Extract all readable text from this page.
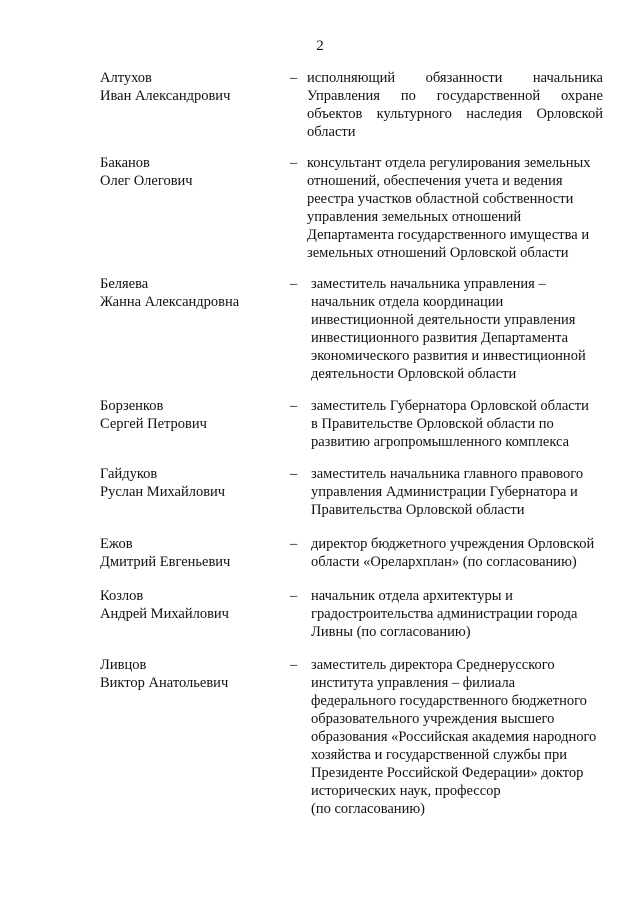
2
Алтухов
Иван Александрович
– исполняющий обязанности начальника
Управления по государственной охране
объектов культурного наследия Орловской
области
Баканов
Олег Олегович
– консультант отдела регулирования земельных
отношений, обеспечения учета и ведения
реестра участков областной собственности
управления земельных отношений
Департамента государственного имущества и
земельных отношений Орловской области
Беляева
Жанна Александровна
– заместитель начальника управления –
начальник отдела координации
инвестиционной деятельности управления
инвестиционного развития Департамента
экономического развития и инвестиционной
деятельности Орловской области
Борзенков
Сергей Петрович
– заместитель Губернатора Орловской области
в Правительстве Орловской области по
развитию агропромышленного комплекса
Гайдуков
Руслан Михайлович
– заместитель начальника главного правового
управления Администрации Губернатора и
Правительства Орловской области
Ежов
Дмитрий Евгеньевич
– директор бюджетного учреждения Орловской
области «Орелархплан» (по согласованию)
Козлов
Андрей Михайлович
– начальник отдела архитектуры и
градостроительства администрации города
Ливны (по согласованию)
Ливцов
Виктор Анатольевич
– заместитель директора Среднерусского
института управления – филиала
федерального государственного бюджетного
образовательного учреждения высшего
образования «Российская академия народного
хозяйства и государственной службы при
Президенте Российской Федерации» доктор
исторических наук, профессор
(по согласованию)
